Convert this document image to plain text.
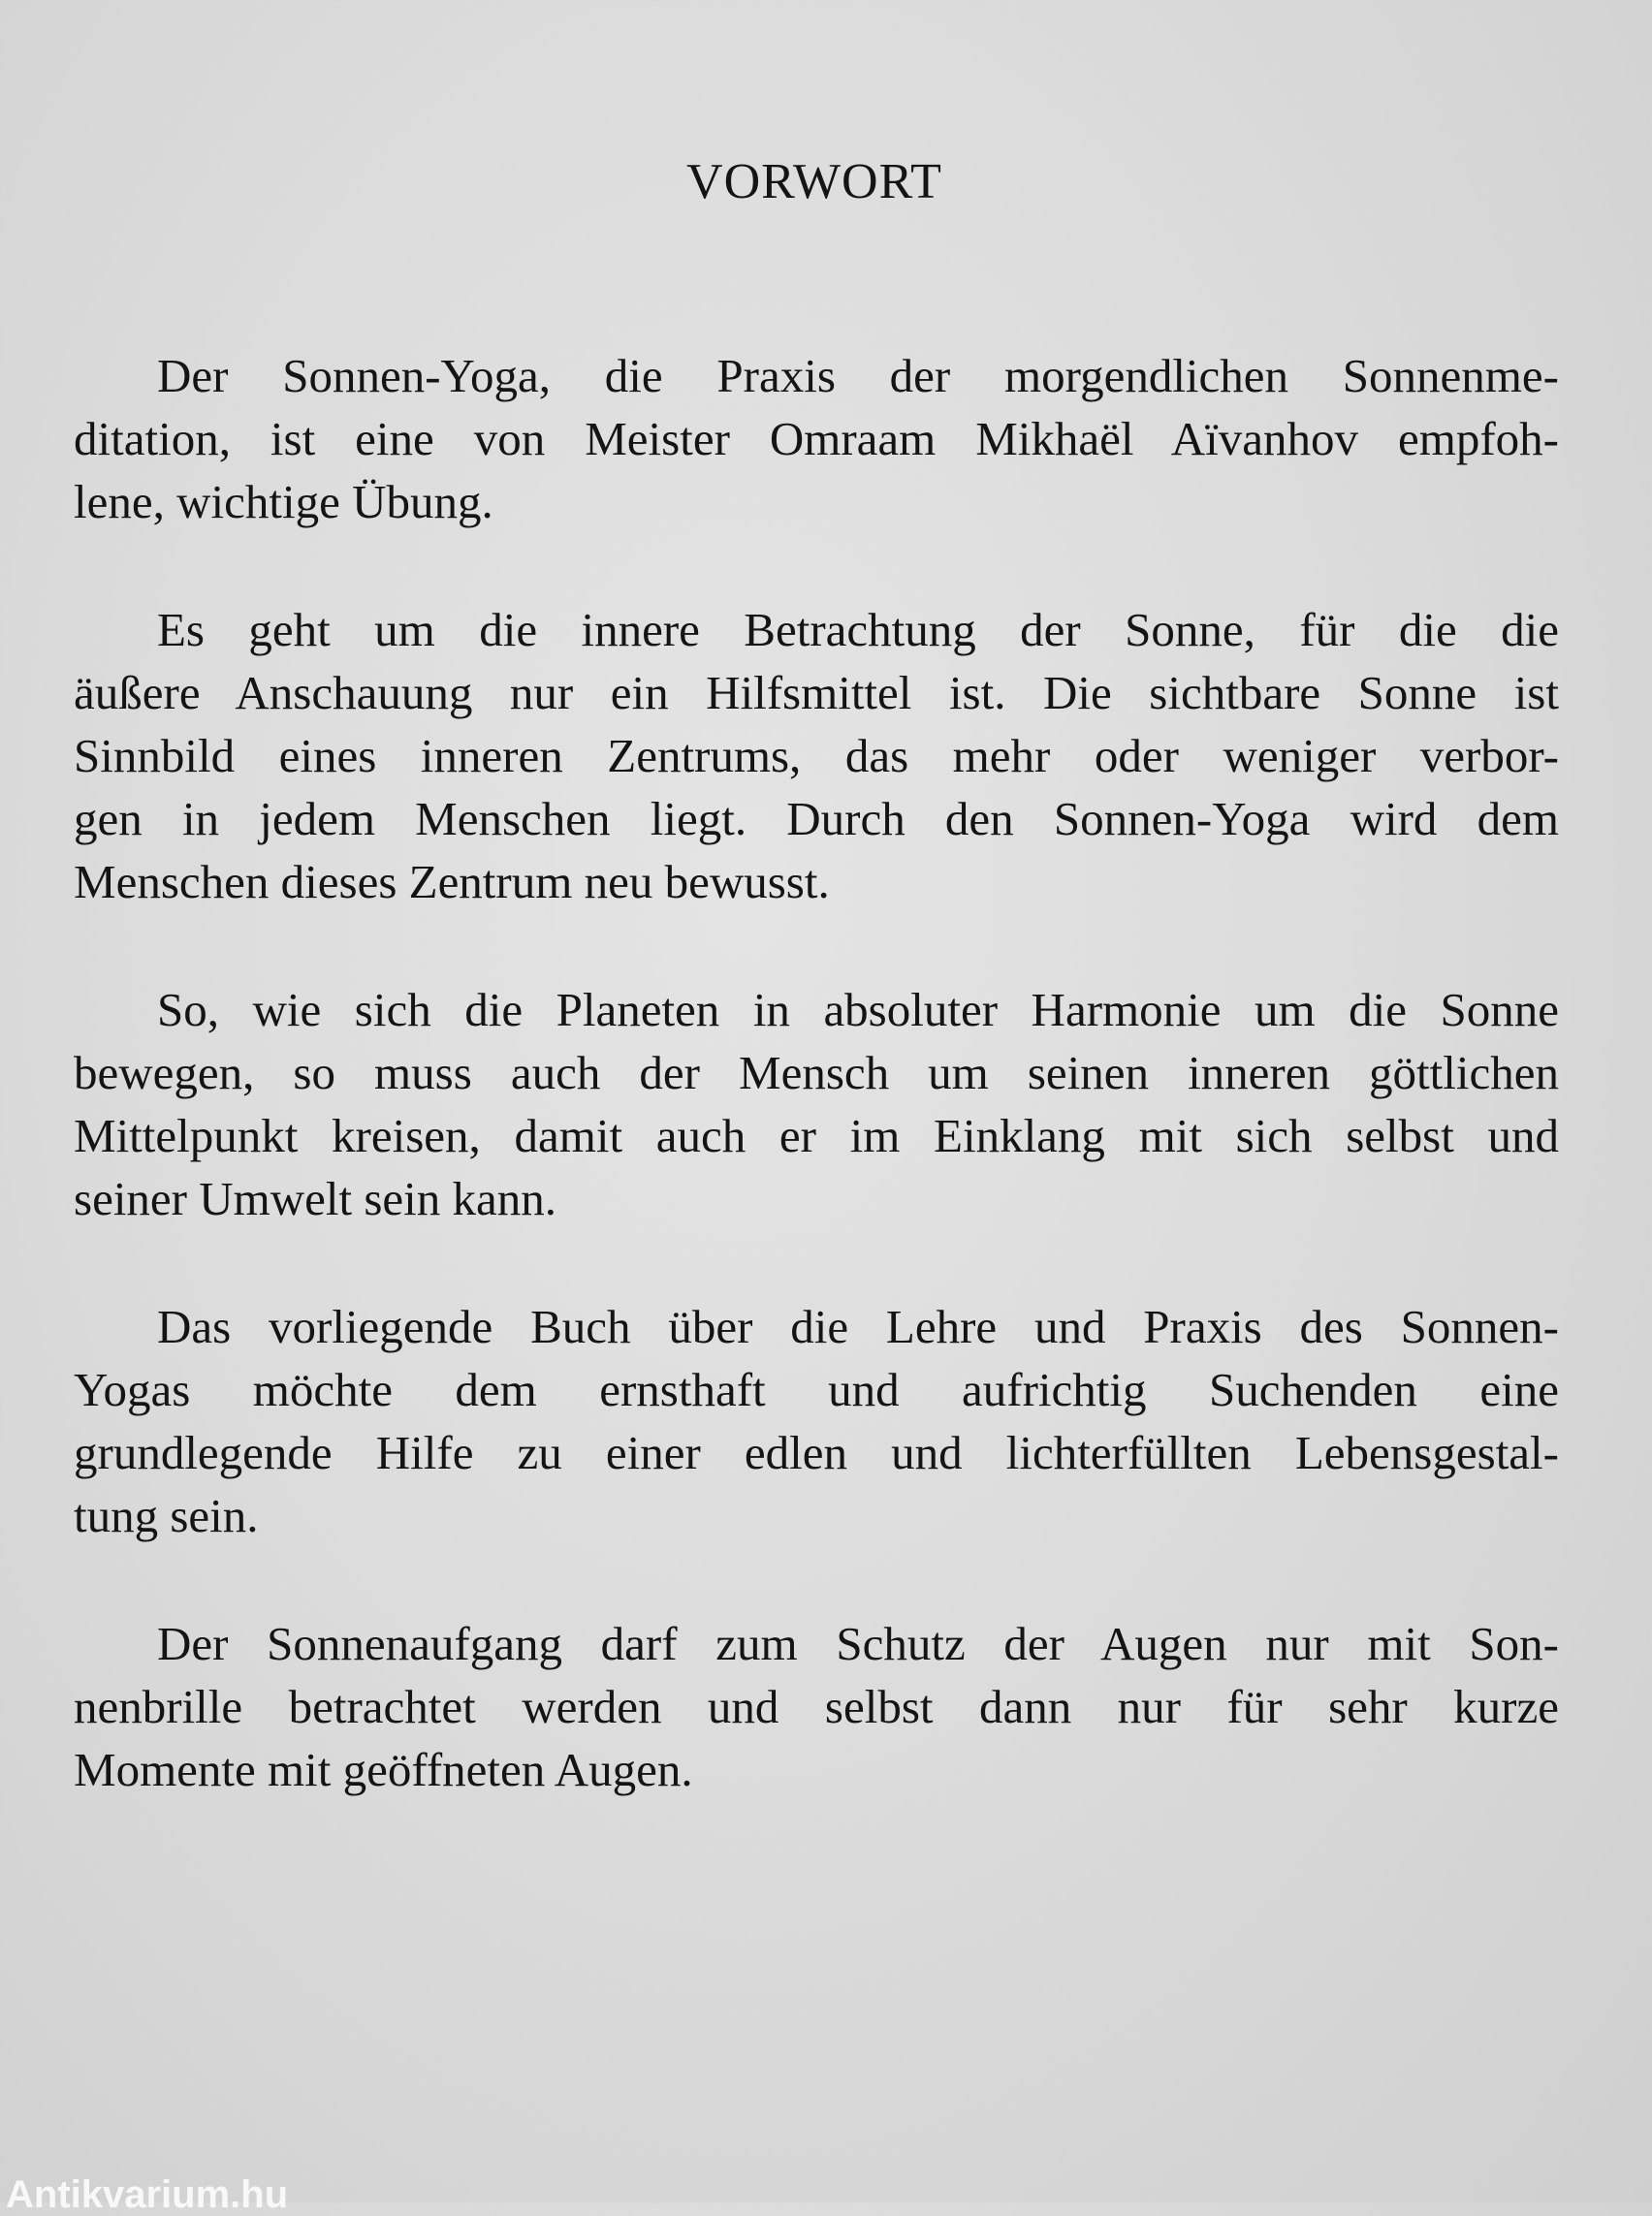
VORWORT

Der Sonnen-Yoga, die Praxis der morgendlichen Sonnenme-
ditation, ist eine von Meister Omraam Mikhaël Aïvanhov empfoh-
lene, wichtige Übung.

Es geht um die innere Betrachtung der Sonne, für die die
äußere Anschauung nur ein Hilfsmittel ist. Die sichtbare Sonne ist
Sinnbild eines inneren Zentrums, das mehr oder weniger verbor-
gen in jedem Menschen liegt. Durch den Sonnen-Yoga wird dem
Menschen dieses Zentrum neu bewusst.

So, wie sich die Planeten in absoluter Harmonie um die Sonne
bewegen, so muss auch der Mensch um seinen inneren göttlichen
Mittelpunkt kreisen, damit auch er im Einklang mit sich selbst und
seiner Umwelt sein kann.

Das vorliegende Buch über die Lehre und Praxis des Sonnen-
Yogas möchte dem ernsthaft und aufrichtig Suchenden eine
grundlegende Hilfe zu einer edlen und lichterfüllten Lebensgestal-
tung sein.

Der Sonnenaufgang darf zum Schutz der Augen nur mit Son-
nenbrille betrachtet werden und selbst dann nur für sehr kurze
Momente mit geöffneten Augen.

Antikvarium.hu
